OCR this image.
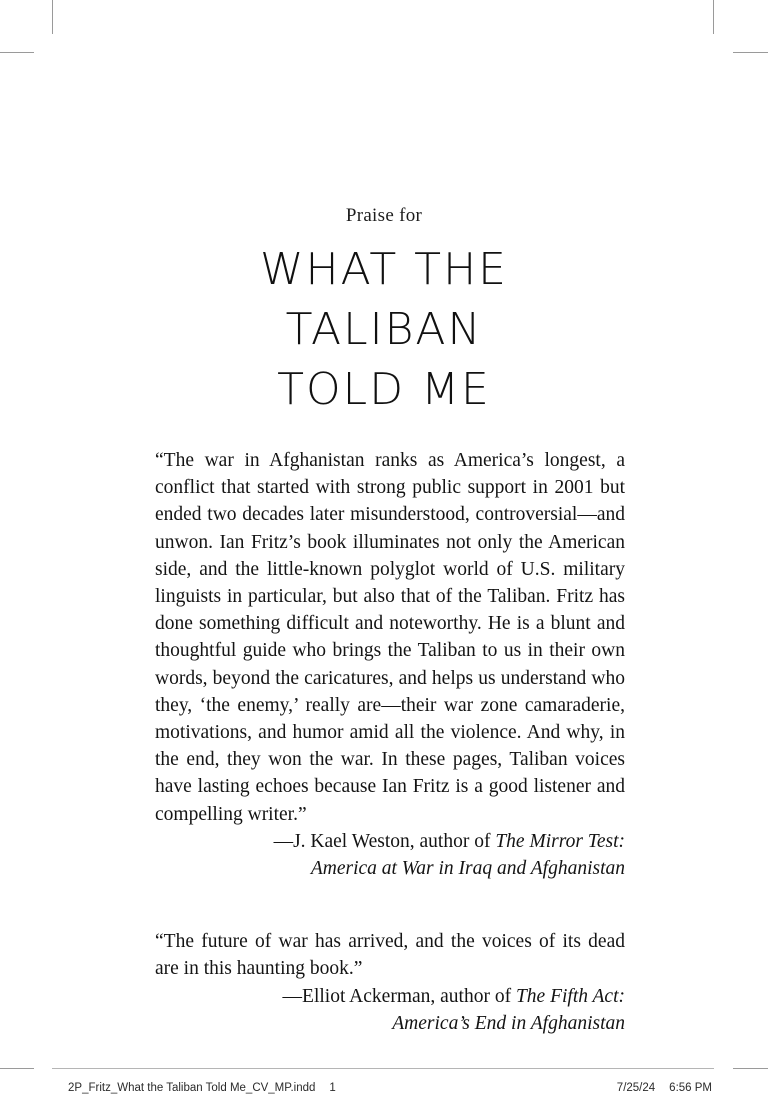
Praise for
WHAT THE
TALIBAN
TOLD ME

“The war in Afghanistan ranks as America’s longest, a conflict that started with strong public support in 2001 but ended two decades later misunderstood, controversial—and unwon. Ian Fritz’s book illuminates not only the American side, and the little-known polyglot world of U.S. military linguists in particular, but also that of the Taliban. Fritz has done something difficult and noteworthy. He is a blunt and thoughtful guide who brings the Taliban to us in their own words, beyond the caricatures, and helps us understand who they, ‘the enemy,’ really are—their war zone camaraderie, motivations, and humor amid all the violence. And why, in the end, they won the war. In these pages, Taliban voices have lasting echoes because Ian Fritz is a good listener and compelling writer.”

—J. Kael Weston, author of The Mirror Test:
America at War in Iraq and Afghanistan

“The future of war has arrived, and the voices of its dead are in this haunting book.”

—Elliot Ackerman, author of The Fifth Act:
America’s End in Afghanistan
2P_Fritz_What the Taliban Told Me_CV_MP.indd 1	7/25/24 6:56 PM
